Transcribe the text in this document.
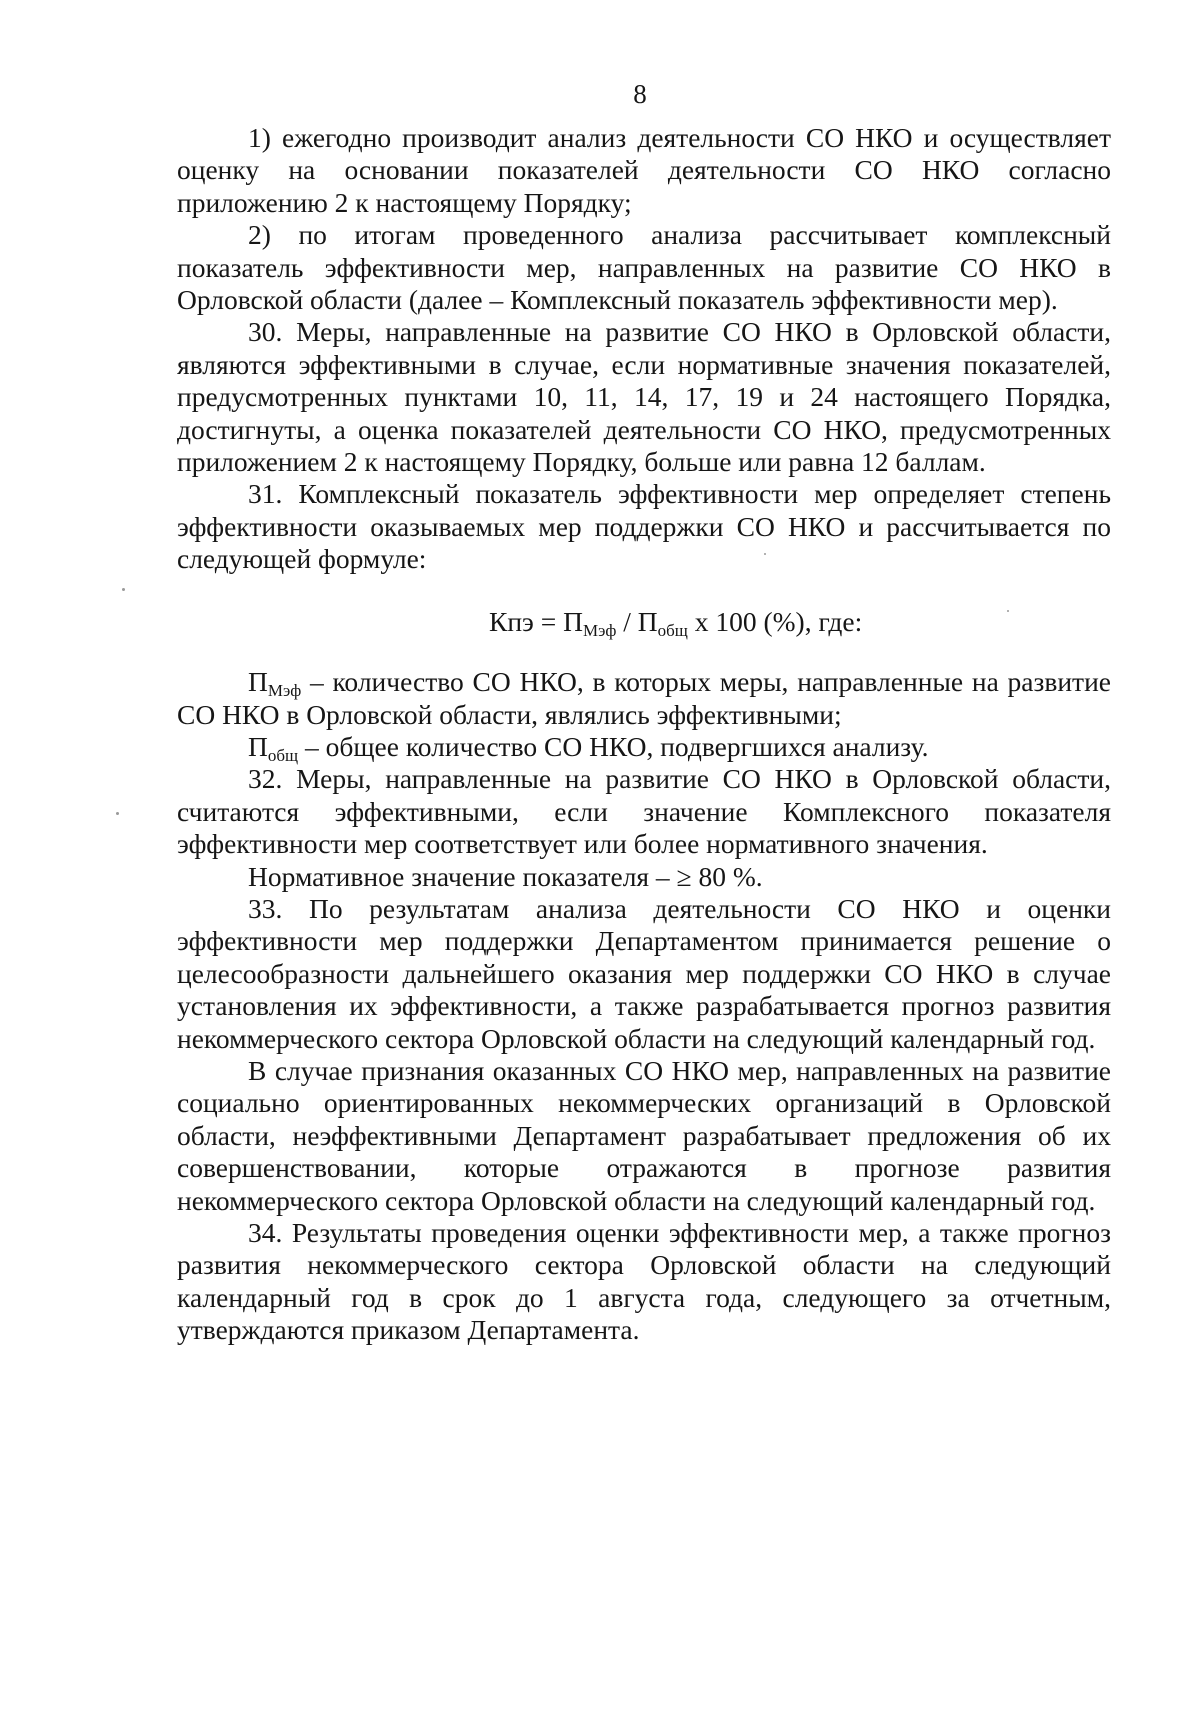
8

1) ежегодно производит анализ деятельности СО НКО и осуществляет оценку на основании показателей деятельности СО НКО согласно приложению 2 к настоящему Порядку;

2) по итогам проведенного анализа рассчитывает комплексный показатель эффективности мер, направленных на развитие СО НКО в Орловской области (далее – Комплексный показатель эффективности мер).

30. Меры, направленные на развитие СО НКО в Орловской области, являются эффективными в случае, если нормативные значения показателей, предусмотренных пунктами 10, 11, 14, 17, 19 и 24 настоящего Порядка, достигнуты, а оценка показателей деятельности СО НКО, предусмотренных приложением 2 к настоящему Порядку, больше или равна 12 баллам.

31. Комплексный показатель эффективности мер определяет степень эффективности оказываемых мер поддержки СО НКО и рассчитывается по следующей формуле:

Кпэ = $П_{Мэф} / П_{общ}$ x 100 (%), где:

$П_{Мэф}$ – количество СО НКО, в которых меры, направленные на развитие СО НКО в Орловской области, являлись эффективными;

$П_{общ}$ – общее количество СО НКО, подвергшихся анализу.

32. Меры, направленные на развитие СО НКО в Орловской области, считаются эффективными, если значение Комплексного показателя эффективности мер соответствует или более нормативного значения.

Нормативное значение показателя – ≥ 80 %.

33. По результатам анализа деятельности СО НКО и оценки эффективности мер поддержки Департаментом принимается решение о целесообразности дальнейшего оказания мер поддержки СО НКО в случае установления их эффективности, а также разрабатывается прогноз развития некоммерческого сектора Орловской области на следующий календарный год.

В случае признания оказанных СО НКО мер, направленных на развитие социально ориентированных некоммерческих организаций в Орловской области, неэффективными Департамент разрабатывает предложения об их совершенствовании, которые отражаются в прогнозе развития некоммерческого сектора Орловской области на следующий календарный год.

34. Результаты проведения оценки эффективности мер, а также прогноз развития некоммерческого сектора Орловской области на следующий календарный год в срок до 1 августа года, следующего за отчетным, утверждаются приказом Департамента.
